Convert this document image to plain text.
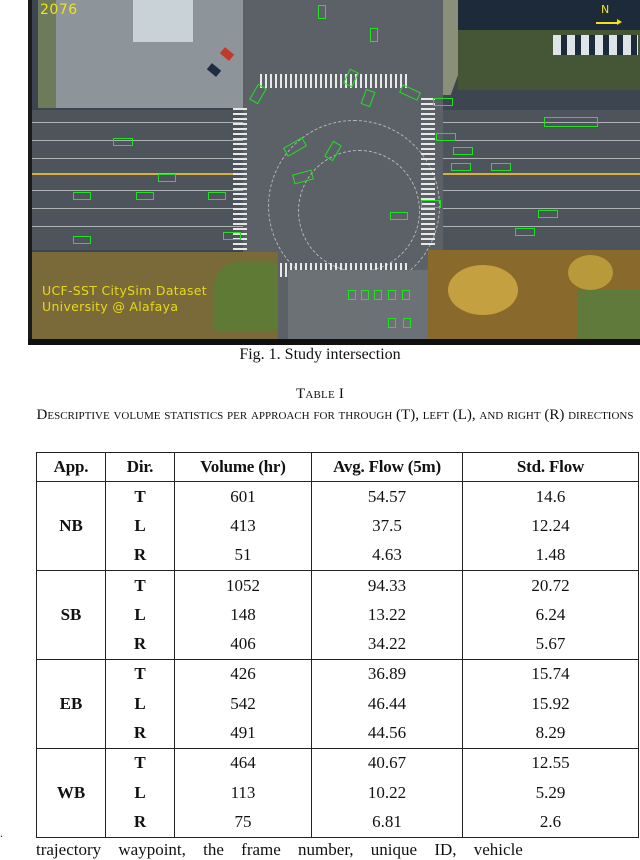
2076	N
UCF-SST CitySim Dataset
University @ Alafaya
Fig. 1. Study intersection
Table I
Descriptive volume statistics per approach for through (T), left (L), and right (R) directions
App.	Dir.	Volume (hr)	Avg. Flow (5m)	Std. Flow
NB	T	601	54.57	14.6
	L	413	37.5	12.24
	R	51	4.63	1.48
SB	T	1052	94.33	20.72
	L	148	13.22	6.24
	R	406	34.22	5.67
EB	T	426	36.89	15.74
	L	542	46.44	15.92
	R	491	44.56	8.29
WB	T	464	40.67	12.55
	L	113	10.22	5.29
	R	75	6.81	2.6
.
trajectory waypoint, the frame number, unique ID, vehicle
